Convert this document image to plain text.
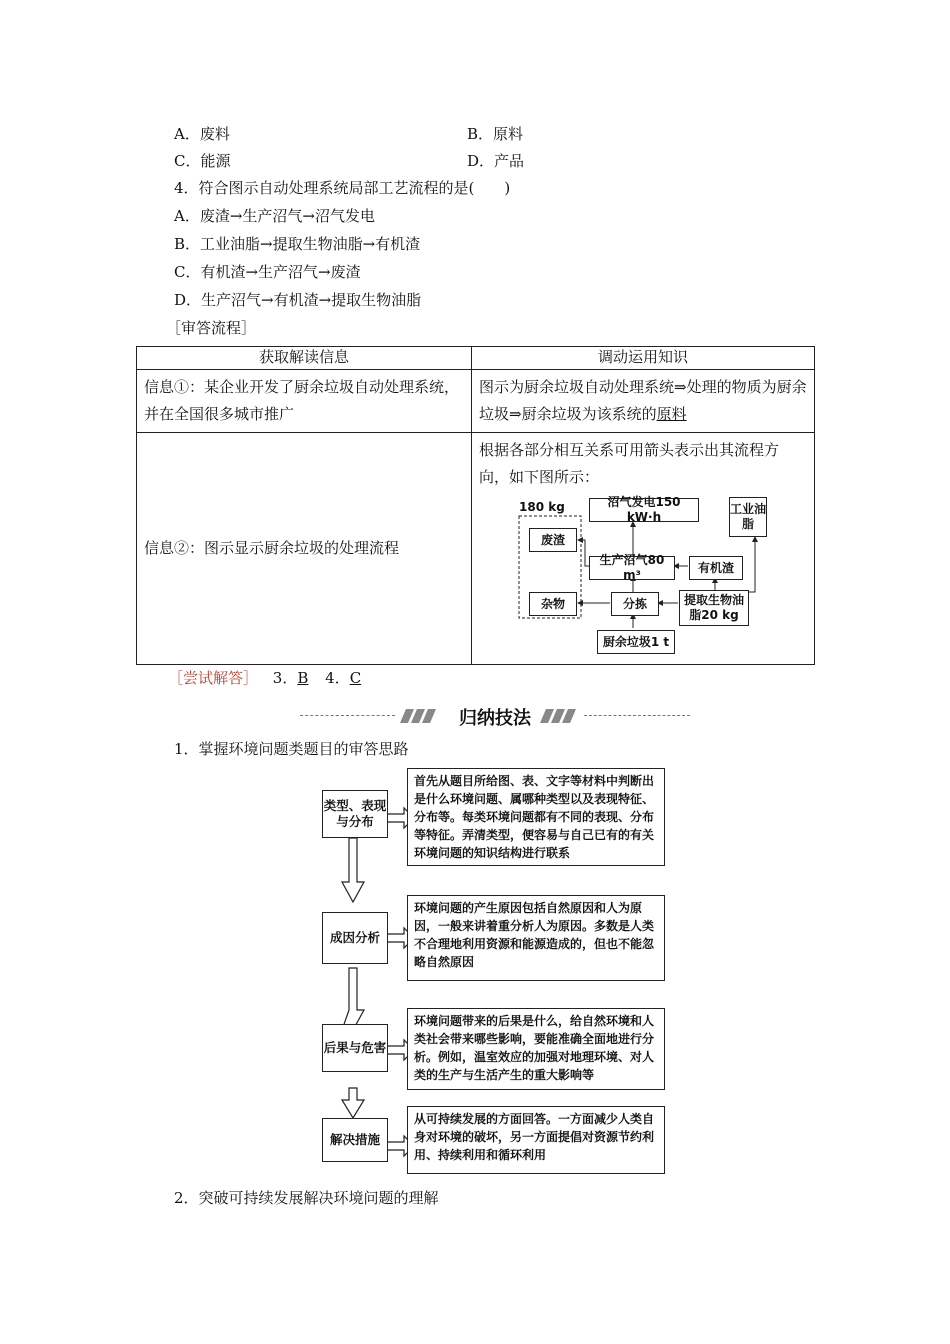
A．废料	B．原料
C．能源	D．产品
4．符合图示自动处理系统局部工艺流程的是(　　)
A．废渣→生产沼气→沼气发电
B．工业油脂→提取生物油脂→有机渣
C．有机渣→生产沼气→废渣
D．生产沼气→有机渣→提取生物油脂
［审答流程］
获取解读信息	调动运用知识
信息①：某企业开发了厨余垃圾自动处理系统，并在全国很多城市推广	图示为厨余垃圾自动处理系统⇒处理的物质为厨余垃圾⇒厨余垃圾为该系统的原料
信息②：图示显示厨余垃圾的处理流程	根据各部分相互关系可用箭头表示出其流程方向，如下图所示：
180 kg	沼气发电150 kW·h
工业油脂
废渣
生产沼气80 m³
有机渣
杂物	分拣	提取生物油脂20 kg
厨余垃圾1 t
［尝试解答］ 3．B 4．C
归纳技法
1．掌握环境问题类题目的审答思路
类型、表现与分布
首先从题目所给图、表、文字等材料中判断出是什么环境问题、属哪种类型以及表现特征、分布等。每类环境问题都有不同的表现、分布等特征。弄清类型，便容易与自己已有的有关环境问题的知识结构进行联系
成因分析
环境问题的产生原因包括自然原因和人为原因，一般来讲着重分析人为原因。多数是人类不合理地利用资源和能源造成的，但也不能忽略自然原因
后果与危害
环境问题带来的后果是什么，给自然环境和人类社会带来哪些影响，要能准确全面地进行分析。例如，温室效应的加强对地理环境、对人类的生产与生活产生的重大影响等
解决措施
从可持续发展的方面回答。一方面减少人类自身对环境的破坏，另一方面提倡对资源节约利用、持续利用和循环利用
2．突破可持续发展解决环境问题的理解
